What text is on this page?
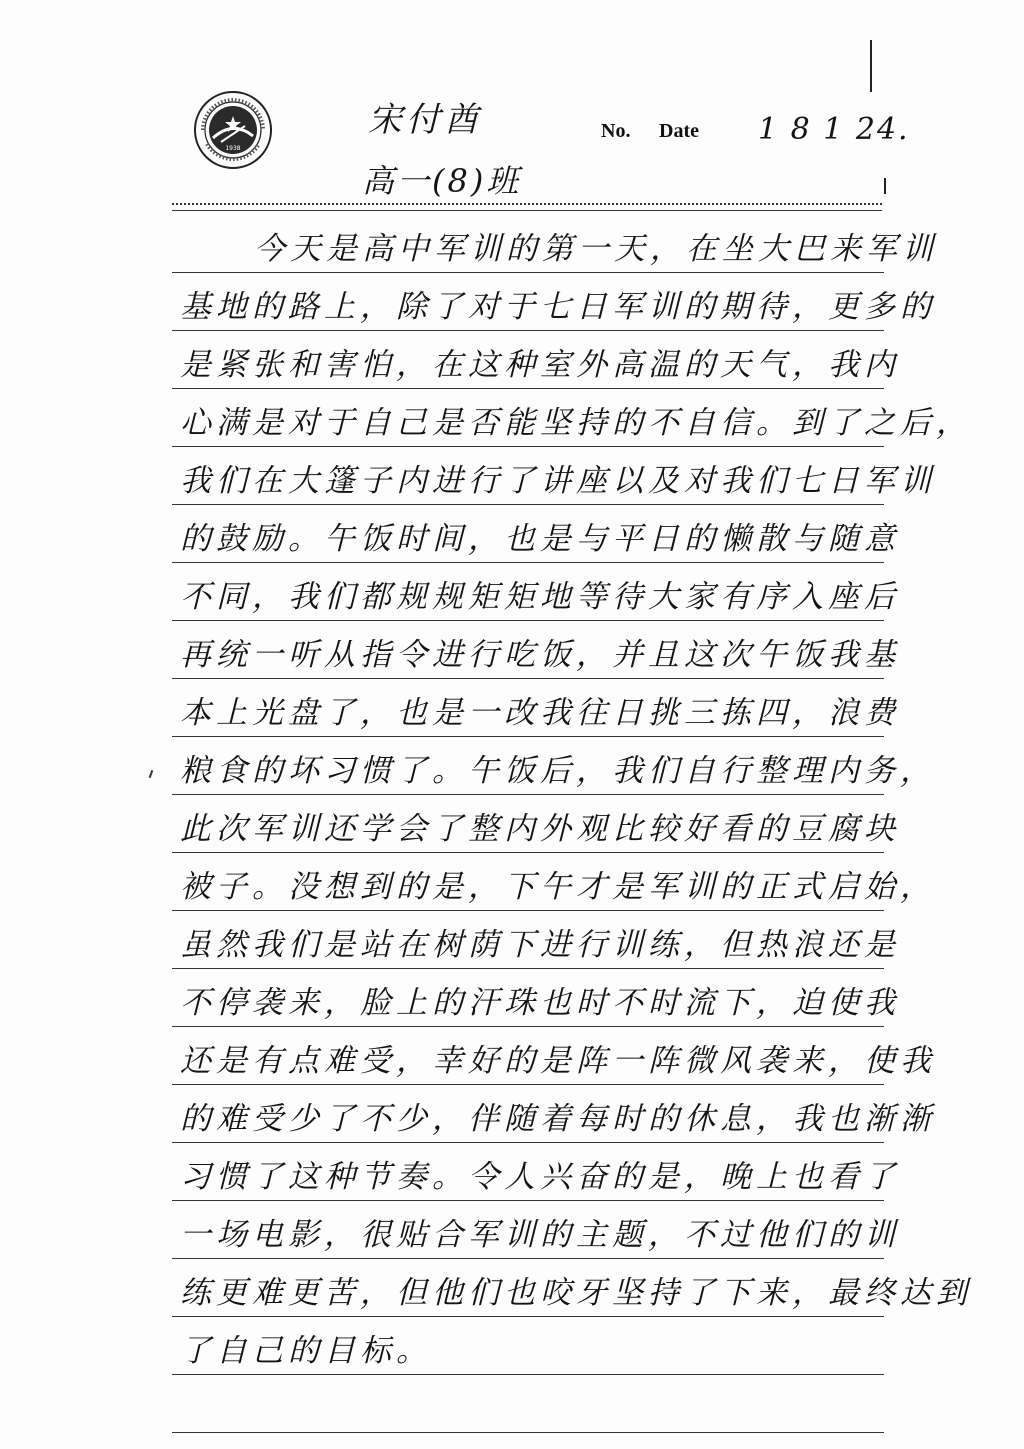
1938
宋付酋
高一(8)班
No. Date 1 8 1 24.
今天是高中军训的第一天，在坐大巴来军训
基地的路上，除了对于七日军训的期待，更多的
是紧张和害怕，在这种室外高温的天气，我内
心满是对于自己是否能坚持的不自信。到了之后，
我们在大篷子内进行了讲座以及对我们七日军训
的鼓励。午饭时间，也是与平日的懒散与随意
不同，我们都规规矩矩地等待大家有序入座后
再统一听从指令进行吃饭，并且这次午饭我基
本上光盘了，也是一改我往日挑三拣四，浪费
粮食的坏习惯了。午饭后，我们自行整理内务，
此次军训还学会了整内外观比较好看的豆腐块
被子。没想到的是，下午才是军训的正式启始，
虽然我们是站在树荫下进行训练，但热浪还是
不停袭来，脸上的汗珠也时不时流下，迫使我
还是有点难受，幸好的是阵一阵微风袭来，使我
的难受少了不少，伴随着每时的休息，我也渐渐
习惯了这种节奏。令人兴奋的是，晚上也看了
一场电影，很贴合军训的主题，不过他们的训
练更难更苦，但他们也咬牙坚持了下来，最终达到
了自己的目标。
